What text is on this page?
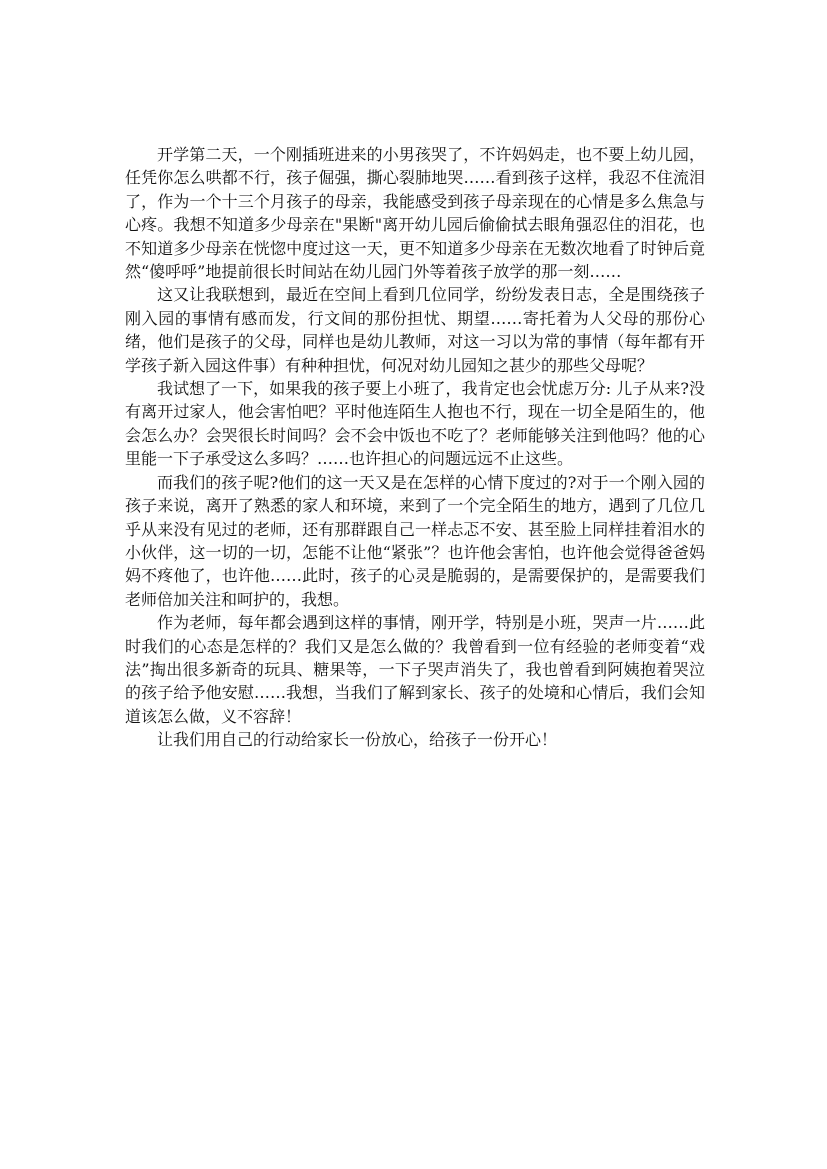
开学第二天，一个刚插班进来的小男孩哭了，不许妈妈走，也不要上幼儿园，任凭你怎么哄都不行，孩子倔强，撕心裂肺地哭……看到孩子这样，我忍不住流泪了，作为一个十三个月孩子的母亲，我能感受到孩子母亲现在的心情是多么焦急与心疼。我想不知道多少母亲在"果断"离开幼儿园后偷偷拭去眼角强忍住的泪花，也不知道多少母亲在恍惚中度过这一天，更不知道多少母亲在无数次地看了时钟后竟然“傻呼呼”地提前很长时间站在幼儿园门外等着孩子放学的那一刻……

这又让我联想到，最近在空间上看到几位同学，纷纷发表日志，全是围绕孩子刚入园的事情有感而发，行文间的那份担忧、期望……寄托着为人父母的那份心绪，他们是孩子的父母，同样也是幼儿教师，对这一习以为常的事情（每年都有开学孩子新入园这件事）有种种担忧，何况对幼儿园知之甚少的那些父母呢？

我试想了一下，如果我的孩子要上小班了，我肯定也会忧虑万分: 儿子从来?没有离开过家人，他会害怕吧？平时他连陌生人抱也不行，现在一切全是陌生的，他会怎么办？会哭很长时间吗？会不会中饭也不吃了？老师能够关注到他吗？他的心里能一下子承受这么多吗？……也许担心的问题远远不止这些。

而我们的孩子呢?他们的这一天又是在怎样的心情下度过的?对于一个刚入园的孩子来说，离开了熟悉的家人和环境，来到了一个完全陌生的地方，遇到了几位几乎从来没有见过的老师，还有那群跟自己一样忐忑不安、甚至脸上同样挂着泪水的小伙伴，这一切的一切，怎能不让他“紧张”？也许他会害怕，也许他会觉得爸爸妈妈不疼他了，也许他……此时，孩子的心灵是脆弱的，是需要保护的，是需要我们老师倍加关注和呵护的，我想。

作为老师，每年都会遇到这样的事情，刚开学，特别是小班，哭声一片……此时我们的心态是怎样的？我们又是怎么做的？我曾看到一位有经验的老师变着“戏法”掏出很多新奇的玩具、糖果等，一下子哭声消失了，我也曾看到阿姨抱着哭泣的孩子给予他安慰……我想，当我们了解到家长、孩子的处境和心情后，我们会知道该怎么做，义不容辞！

让我们用自己的行动给家长一份放心，给孩子一份开心！
